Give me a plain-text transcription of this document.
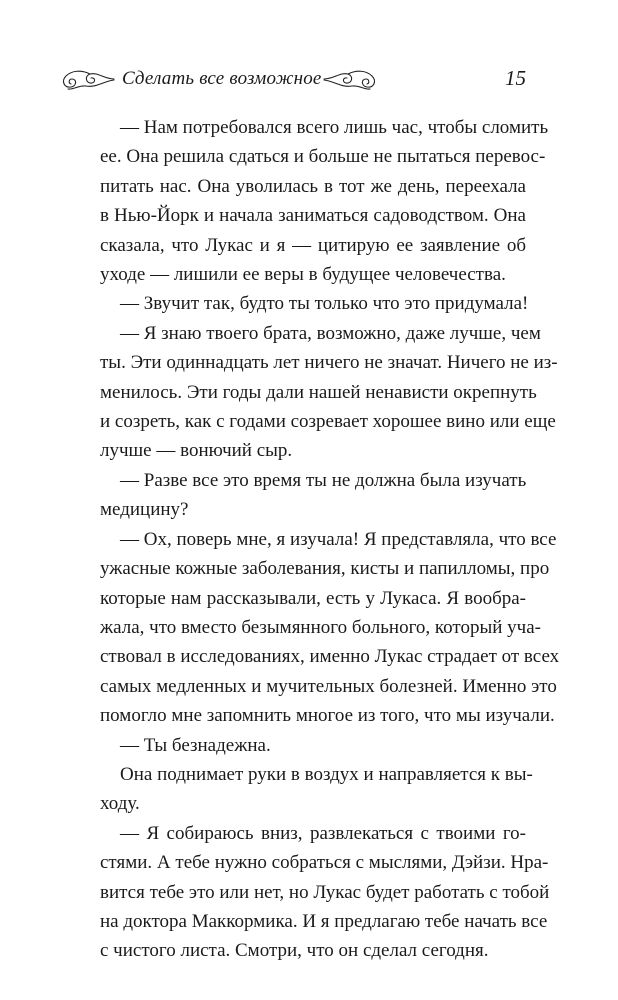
Сделать все возможное	15

— Нам потребовался всего лишь час, чтобы сломить
ее. Она решила сдаться и больше не пытаться перевос-
питать нас. Она уволилась в тот же день, переехала
в Нью-Йорк и начала заниматься садоводством. Она
сказала, что Лукас и я — цитирую ее заявление об
уходе — лишили ее веры в будущее человечества.

— Звучит так, будто ты только что это придумала!

— Я знаю твоего брата, возможно, даже лучше, чем
ты. Эти одиннадцать лет ничего не значат. Ничего не из-
менилось. Эти годы дали нашей ненависти окрепнуть
и созреть, как с годами созревает хорошее вино или еще
лучше — вонючий сыр.

— Разве все это время ты не должна была изучать
медицину?

— Ох, поверь мне, я изучала! Я представляла, что все
ужасные кожные заболевания, кисты и папилломы, про
которые нам рассказывали, есть у Лукаса. Я вообра-
жала, что вместо безымянного больного, который уча-
ствовал в исследованиях, именно Лукас страдает от всех
самых медленных и мучительных болезней. Именно это
помогло мне запомнить многое из того, что мы изучали.

— Ты безнадежна.

Она поднимает руки в воздух и направляется к вы-
ходу.

— Я собираюсь вниз, развлекаться с твоими го-
стями. А тебе нужно собраться с мыслями, Дэйзи. Нра-
вится тебе это или нет, но Лукас будет работать с тобой
на доктора Маккормика. И я предлагаю тебе начать все
с чистого листа. Смотри, что он сделал сегодня.
